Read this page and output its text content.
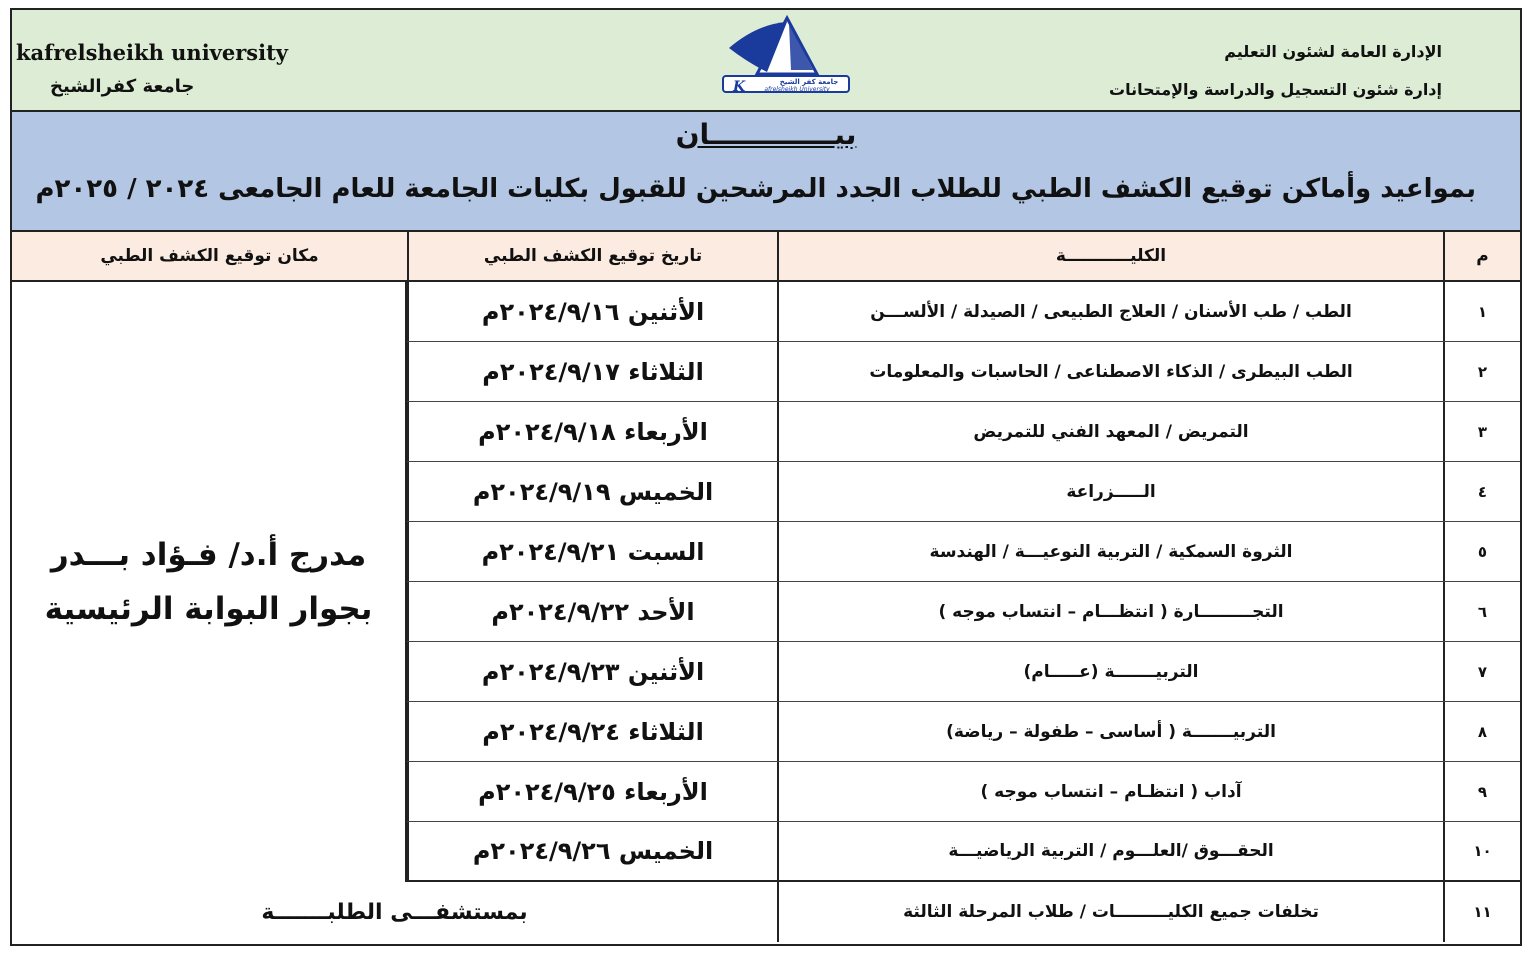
kafrelsheikh university
جامعة كفرالشيخ
الإدارة العامة لشئون التعليم
إدارة شئون التسجيل والدراسة والإمتحانات
K	جامعة كفر الشيخ
afrelsheikh University
بيـــــــــــــان
بمواعيد وأماكن توقيع الكشف الطبي للطلاب الجدد المرشحين للقبول بكليات الجامعة للعام الجامعى ٢٠٢٤ / ٢٠٢٥م
م
الكليـــــــــــة
تاريخ توقيع الكشف الطبي
مكان توقيع الكشف الطبي
١
الطب / طب الأسنان / العلاج الطبيعى / الصيدلة / الألســـن
الأثنين ٢٠٢٤/٩/١٦م
٢
الطب البيطرى / الذكاء الاصطناعى / الحاسبات والمعلومات
الثلاثاء ٢٠٢٤/٩/١٧م
٣
التمريض / المعهد الفني للتمريض
الأربعاء ٢٠٢٤/٩/١٨م
٤
الـــــزراعة
الخميس ٢٠٢٤/٩/١٩م
٥
الثروة السمكية / التربية النوعيـــة / الهندسة
السبت ٢٠٢٤/٩/٢١م
٦
التجـــــــــارة ( انتظـــام – انتساب موجه )
الأحد ٢٠٢٤/٩/٢٢م
٧
التربيـــــــة (عـــــام)
الأثنين ٢٠٢٤/٩/٢٣م
٨
التربيـــــــة ( أساسى – طفولة – رياضة)
الثلاثاء ٢٠٢٤/٩/٢٤م
٩
آداب ( انتظـام – انتساب موجه )
الأربعاء ٢٠٢٤/٩/٢٥م
١٠
الحقـــوق /العلـــوم / التربية الرياضيـــة
الخميس ٢٠٢٤/٩/٢٦م
مدرج أ.د/ فـؤاد بـــدر
بجوار البوابة الرئيسية
١١
تخلفات جميع الكليـــــــــات / طلاب المرحلة الثالثة
بمستشفـــى الطلبـــــــة
